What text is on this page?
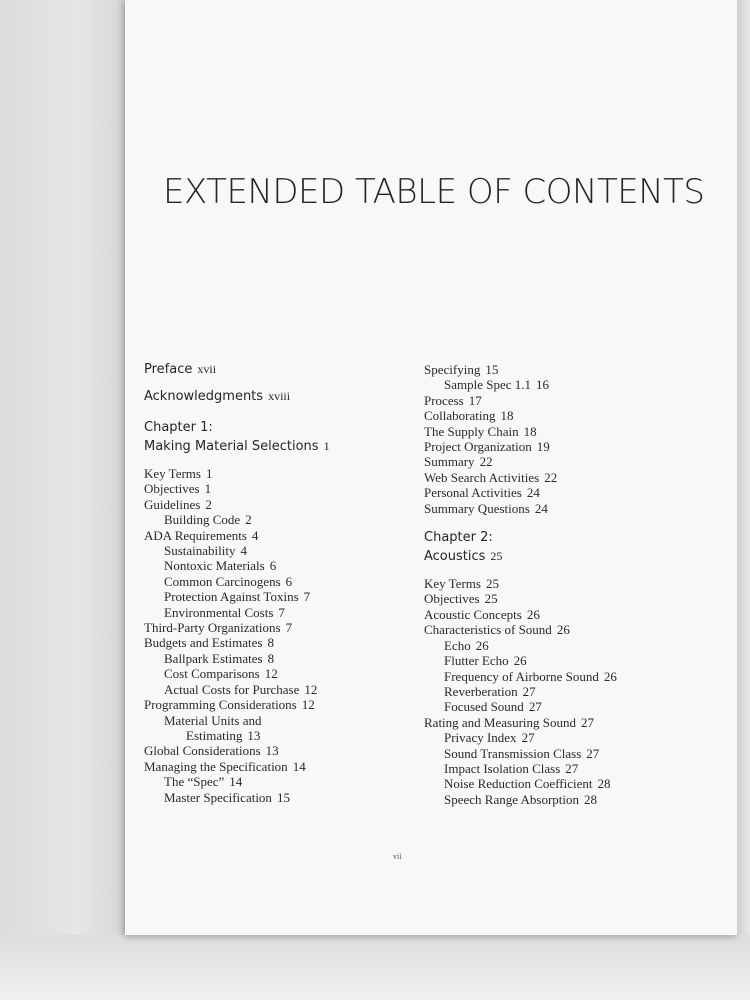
EXTENDED TABLE OF CONTENTS
Preface xvii
Acknowledgments xviii
Chapter 1:
Making Material Selections 1
Key Terms 1
Objectives 1
Guidelines 2
Building Code 2
ADA Requirements 4
Sustainability 4
Nontoxic Materials 6
Common Carcinogens 6
Protection Against Toxins 7
Environmental Costs 7
Third-Party Organizations 7
Budgets and Estimates 8
Ballpark Estimates 8
Cost Comparisons 12
Actual Costs for Purchase 12
Programming Considerations 12
Material Units and
Estimating 13
Global Considerations 13
Managing the Specification 14
The “Spec” 14
Master Specification 15
Specifying 15
Sample Spec 1.1 16
Process 17
Collaborating 18
The Supply Chain 18
Project Organization 19
Summary 22
Web Search Activities 22
Personal Activities 24
Summary Questions 24
Chapter 2:
Acoustics 25
Key Terms 25
Objectives 25
Acoustic Concepts 26
Characteristics of Sound 26
Echo 26
Flutter Echo 26
Frequency of Airborne Sound 26
Reverberation 27
Focused Sound 27
Rating and Measuring Sound 27
Privacy Index 27
Sound Transmission Class 27
Impact Isolation Class 27
Noise Reduction Coefficient 28
Speech Range Absorption 28
vii
